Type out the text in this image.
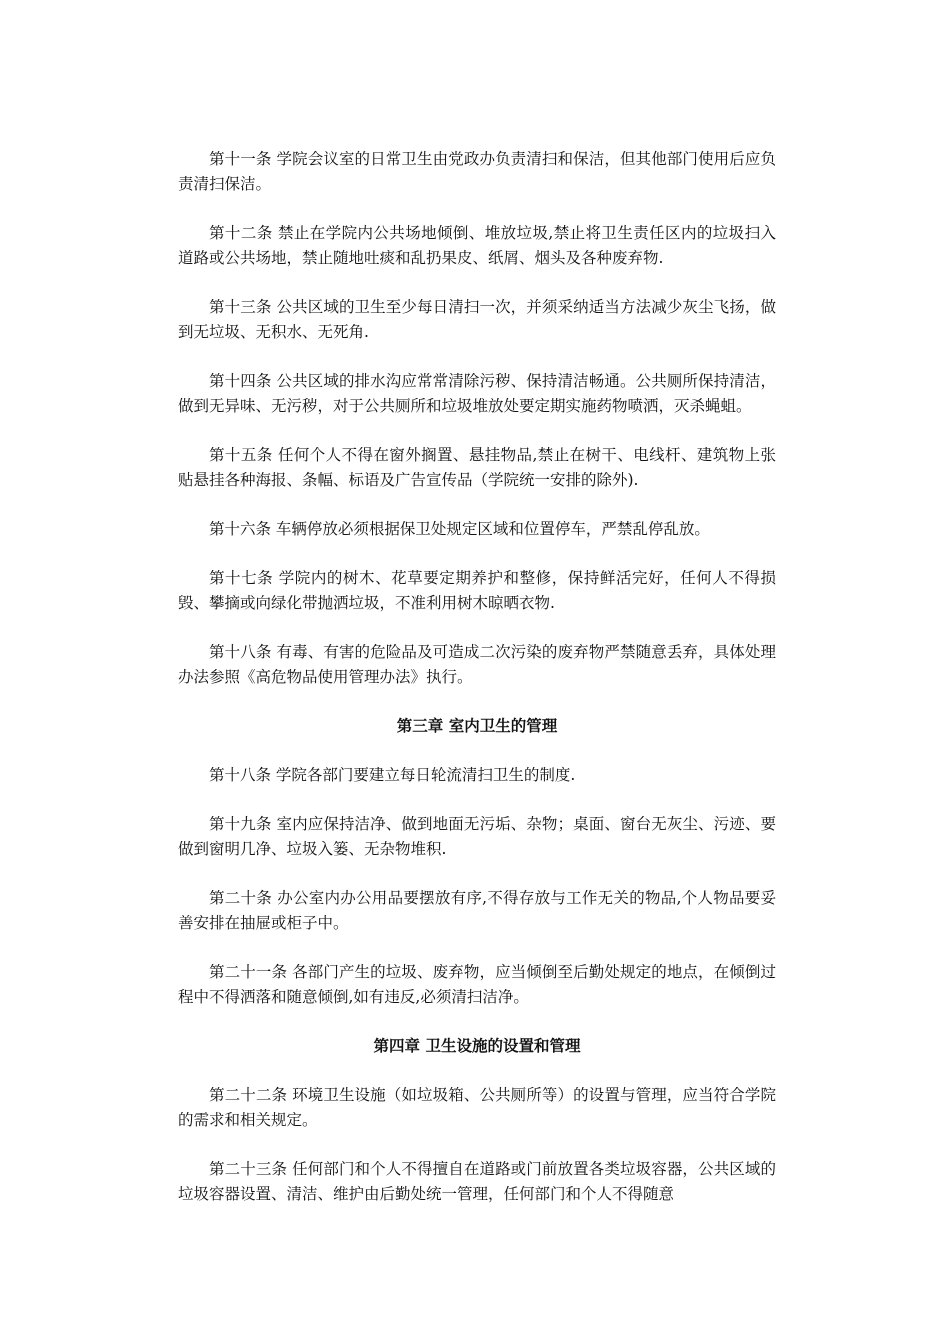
第十一条 学院会议室的日常卫生由党政办负责清扫和保洁，但其他部门使用后应负责清扫保洁。

第十二条 禁止在学院内公共场地倾倒、堆放垃圾,禁止将卫生责任区内的垃圾扫入道路或公共场地，禁止随地吐痰和乱扔果皮、纸屑、烟头及各种废弃物.

第十三条 公共区域的卫生至少每日清扫一次，并须采纳适当方法减少灰尘飞扬，做到无垃圾、无积水、无死角.

第十四条 公共区域的排水沟应常常清除污秽、保持清洁畅通。公共厕所保持清洁，做到无异味、无污秽，对于公共厕所和垃圾堆放处要定期实施药物喷洒，灭杀蝇蛆。

第十五条 任何个人不得在窗外搁置、悬挂物品,禁止在树干、电线杆、建筑物上张贴悬挂各种海报、条幅、标语及广告宣传品（学院统一安排的除外).

第十六条 车辆停放必须根据保卫处规定区域和位置停车，严禁乱停乱放。

第十七条 学院内的树木、花草要定期养护和整修，保持鲜活完好，任何人不得损毁、攀摘或向绿化带抛洒垃圾，不准利用树木晾晒衣物.

第十八条 有毒、有害的危险品及可造成二次污染的废弃物严禁随意丢弃，具体处理办法参照《高危物品使用管理办法》执行。

第三章 室内卫生的管理

第十八条 学院各部门要建立每日轮流清扫卫生的制度.

第十九条 室内应保持洁净、做到地面无污垢、杂物；桌面、窗台无灰尘、污迹、要做到窗明几净、垃圾入篓、无杂物堆积.

第二十条 办公室内办公用品要摆放有序,不得存放与工作无关的物品,个人物品要妥善安排在抽屉或柜子中。

第二十一条 各部门产生的垃圾、废弃物，应当倾倒至后勤处规定的地点，在倾倒过程中不得洒落和随意倾倒,如有违反,必须清扫洁净。

第四章 卫生设施的设置和管理

第二十二条 环境卫生设施（如垃圾箱、公共厕所等）的设置与管理，应当符合学院的需求和相关规定。

第二十三条 任何部门和个人不得擅自在道路或门前放置各类垃圾容器，公共区域的垃圾容器设置、清洁、维护由后勤处统一管理，任何部门和个人不得随意
